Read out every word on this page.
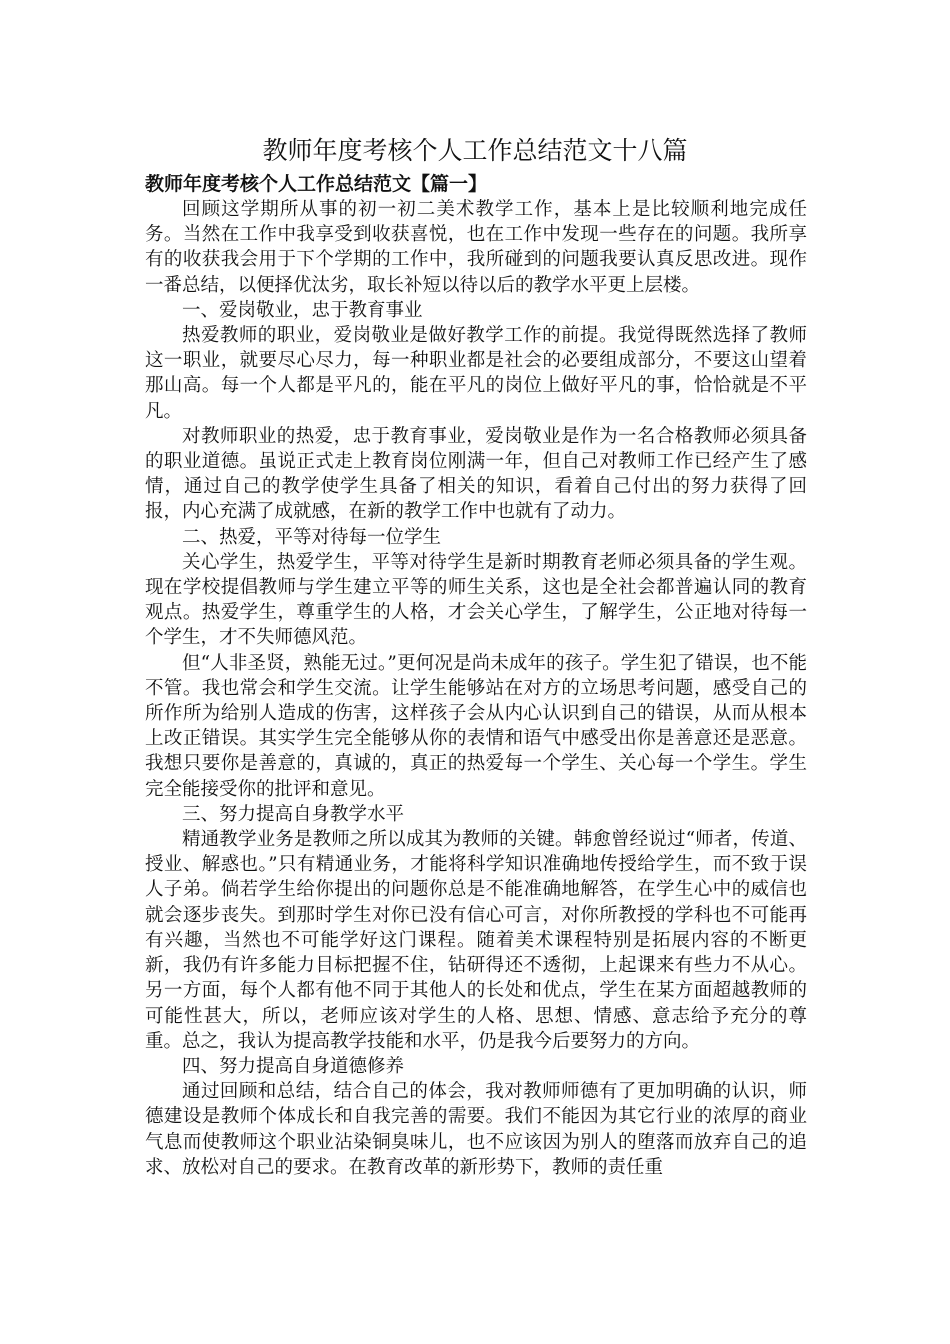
教师年度考核个人工作总结范文十八篇
教师年度考核个人工作总结范文【篇一】

回顾这学期所从事的初一初二美术教学工作，基本上是比较顺利地完成任务。当然在工作中我享受到收获喜悦，也在工作中发现一些存在的问题。我所享有的收获我会用于下个学期的工作中，我所碰到的问题我要认真反思改进。现作一番总结，以便择优汰劣，取长补短以待以后的教学水平更上层楼。

一、爱岗敬业，忠于教育事业

热爱教师的职业，爱岗敬业是做好教学工作的前提。我觉得既然选择了教师这一职业，就要尽心尽力，每一种职业都是社会的必要组成部分，不要这山望着那山高。每一个人都是平凡的，能在平凡的岗位上做好平凡的事，恰恰就是不平凡。

对教师职业的热爱，忠于教育事业，爱岗敬业是作为一名合格教师必须具备的职业道德。虽说正式走上教育岗位刚满一年，但自己对教师工作已经产生了感情，通过自己的教学使学生具备了相关的知识，看着自己付出的努力获得了回报，内心充满了成就感，在新的教学工作中也就有了动力。

二、热爱，平等对待每一位学生

关心学生，热爱学生，平等对待学生是新时期教育老师必须具备的学生观。现在学校提倡教师与学生建立平等的师生关系，这也是全社会都普遍认同的教育观点。热爱学生，尊重学生的人格，才会关心学生，了解学生，公正地对待每一个学生，才不失师德风范。

但“人非圣贤，熟能无过。”更何况是尚未成年的孩子。学生犯了错误，也不能不管。我也常会和学生交流。让学生能够站在对方的立场思考问题，感受自己的所作所为给别人造成的伤害，这样孩子会从内心认识到自己的错误，从而从根本上改正错误。其实学生完全能够从你的表情和语气中感受出你是善意还是恶意。我想只要你是善意的，真诚的，真正的热爱每一个学生、关心每一个学生。学生完全能接受你的批评和意见。

三、努力提高自身教学水平

精通教学业务是教师之所以成其为教师的关键。韩愈曾经说过“师者，传道、授业、解惑也。”只有精通业务，才能将科学知识准确地传授给学生，而不致于误人子弟。倘若学生给你提出的问题你总是不能准确地解答，在学生心中的威信也就会逐步丧失。到那时学生对你已没有信心可言，对你所教授的学科也不可能再有兴趣，当然也不可能学好这门课程。随着美术课程特别是拓展内容的不断更新，我仍有许多能力目标把握不住，钻研得还不透彻，上起课来有些力不从心。另一方面，每个人都有他不同于其他人的长处和优点，学生在某方面超越教师的可能性甚大，所以，老师应该对学生的人格、思想、情感、意志给予充分的尊重。总之，我认为提高教学技能和水平，仍是我今后要努力的方向。

四、努力提高自身道德修养

通过回顾和总结，结合自己的体会，我对教师师德有了更加明确的认识，师德建设是教师个体成长和自我完善的需要。我们不能因为其它行业的浓厚的商业气息而使教师这个职业沾染铜臭味儿，也不应该因为别人的堕落而放弃自己的追求、放松对自己的要求。在教育改革的新形势下，教师的责任重
